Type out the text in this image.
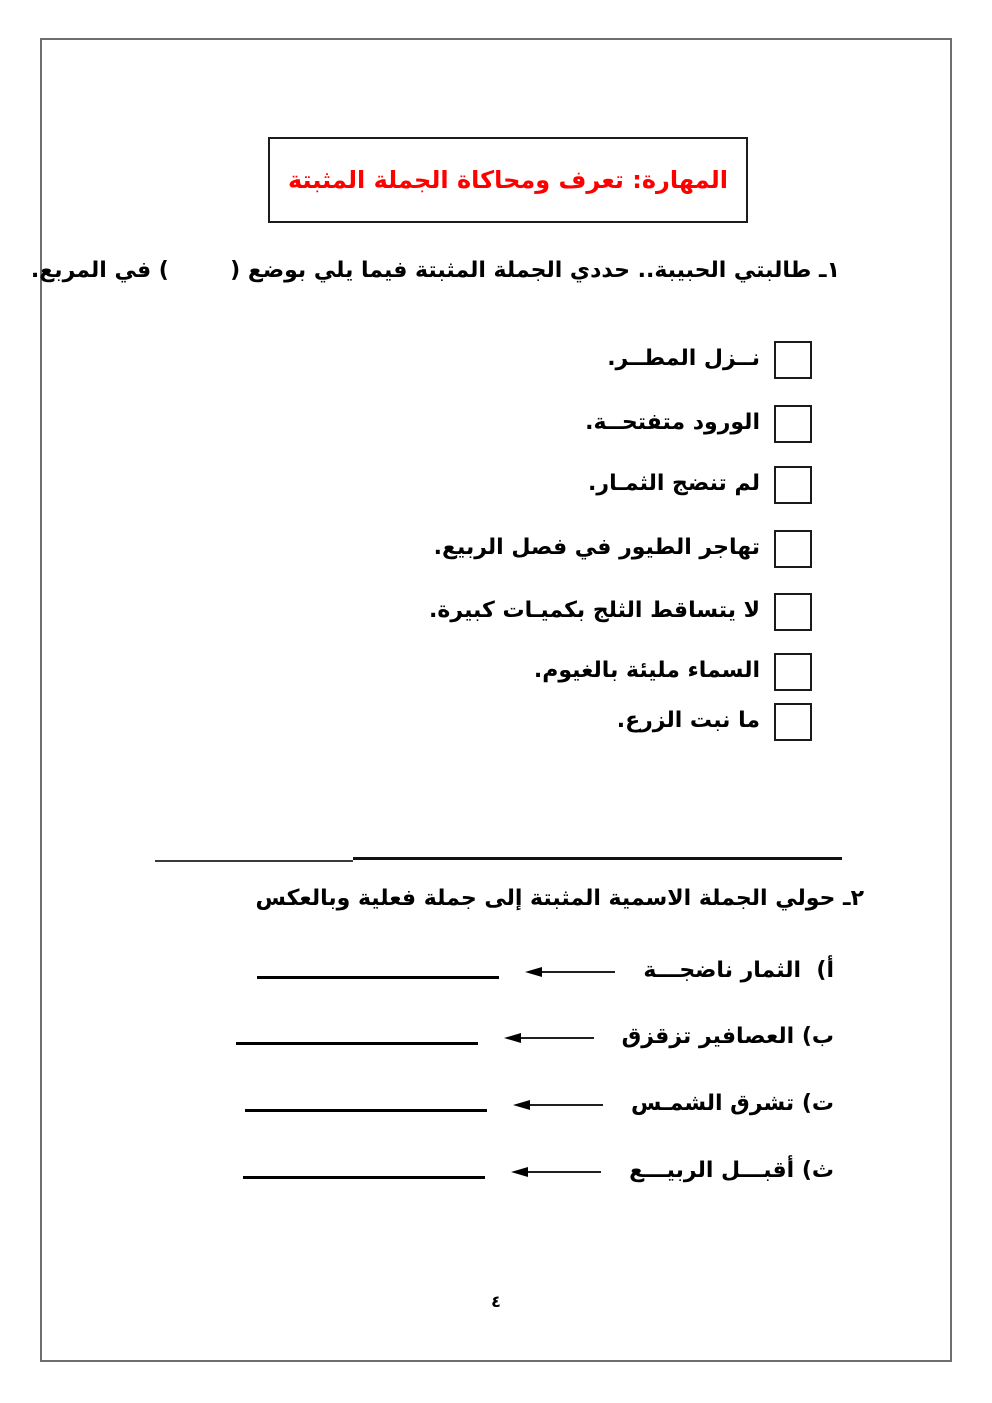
المهارة: تعرف ومحاكاة الجملة المثبتة
١ـ طالبتي الحبيبة.. حددي الجملة المثبتة فيما يلي بوضع (        ) في المربع.
نــزل المطــر.
الورود متفتحــة.
لم تنضج الثمـار.
تهاجر الطيور في فصل الربيع.
لا يتساقط الثلج بكميـات كبيرة.
السماء مليئة بالغيوم.
ما نبت الزرع.
٢ـ حولي الجملة الاسمية المثبتة إلى جملة فعلية وبالعكس
أ)  الثمار ناضجـــة
ب) العصافير تزقزق
ت) تشرق الشمـس
ث) أقبـــل الربيـــع
٤
